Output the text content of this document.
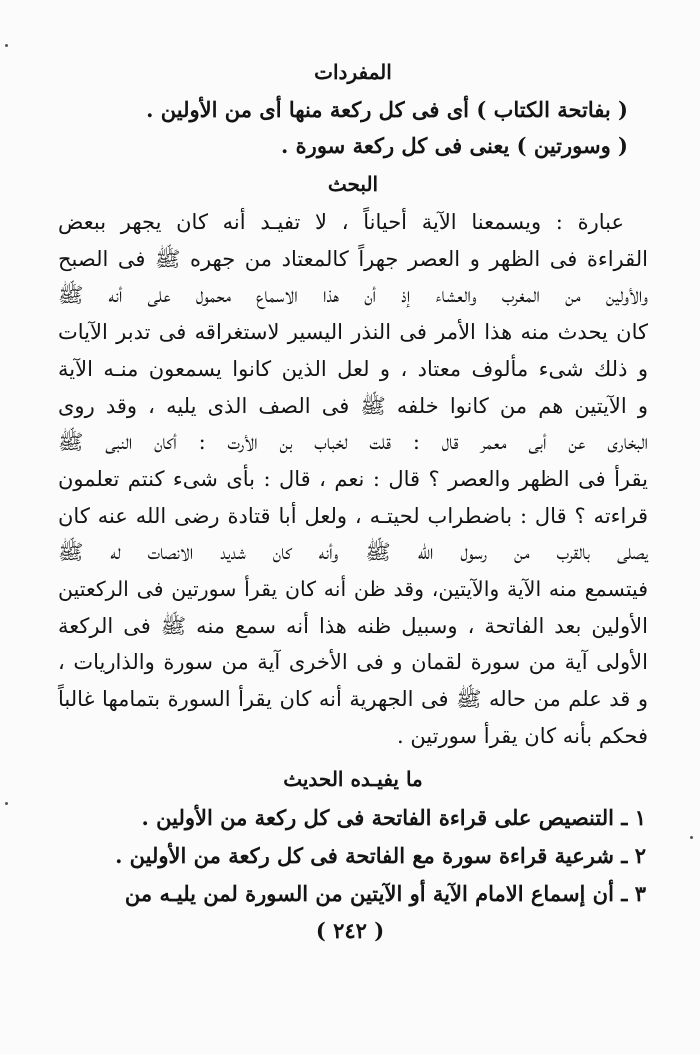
المفردات

( بفاتحة الكتاب ) أى فى كل ركعة منها أى من الأولين .

( وسورتين ) يعنى فى كل ركعة سورة .

البحث
عبارة : ويسمعنا الآية أحياناً ، لا تفيـد أنه كان يجهر ببعض
القراءة فى الظهر و العصر جهراً كالمعتاد من جهره ﷺ فى الصبح
والأولين من المغرب والعشاء إذ أن هذا الاسماع محمول على أنه ﷺ
كان يحدث منه هذا الأمر فى النذر اليسير لاستغراقه فى تدبر الآيات
و ذلك شىء مألوف معتاد ، و لعل الذين كانوا يسمعون منـه الآية
و الآيتين هم من كانوا خلفه ﷺ فى الصف الذى يليه ، وقد روى
البخارى عن أبى معمر قال : قلت لخباب بن الأرت : أكان النبى ﷺ
يقرأ فى الظهر والعصر ؟ قال : نعم ، قال : بأى شىء كنتم تعلمون
قراءته ؟ قال : باضطراب لحيتـه ، ولعل أبا قتادة رضى الله عنه كان
يصلى بالقرب من رسول الله ﷺ وأنه كان شديد الانصات له ﷺ
فيتسمع منه الآية والآيتين، وقد ظن أنه كان يقرأ سورتين فى الركعتين
الأولين بعد الفاتحة ، وسبيل ظنه هذا أنه سمع منه ﷺ فى الركعة
الأولى آية من سورة لقمان و فى الأخرى آية من سورة والذاريات ،
و قد علم من حاله ﷺ فى الجهرية أنه كان يقرأ السورة بتمامها غالباً
فحكم بأنه كان يقرأ سورتين .
ما يفيـده الحديث

١ ـ التنصيص على قراءة الفاتحة فى كل ركعة من الأولين .

٢ ـ شرعية قراءة سورة مع الفاتحة فى كل ركعة من الأولين .

٣ ـ أن إسماع الامام الآية أو الآيتين من السورة لمن يليـه من

( ٢٤٢ )
